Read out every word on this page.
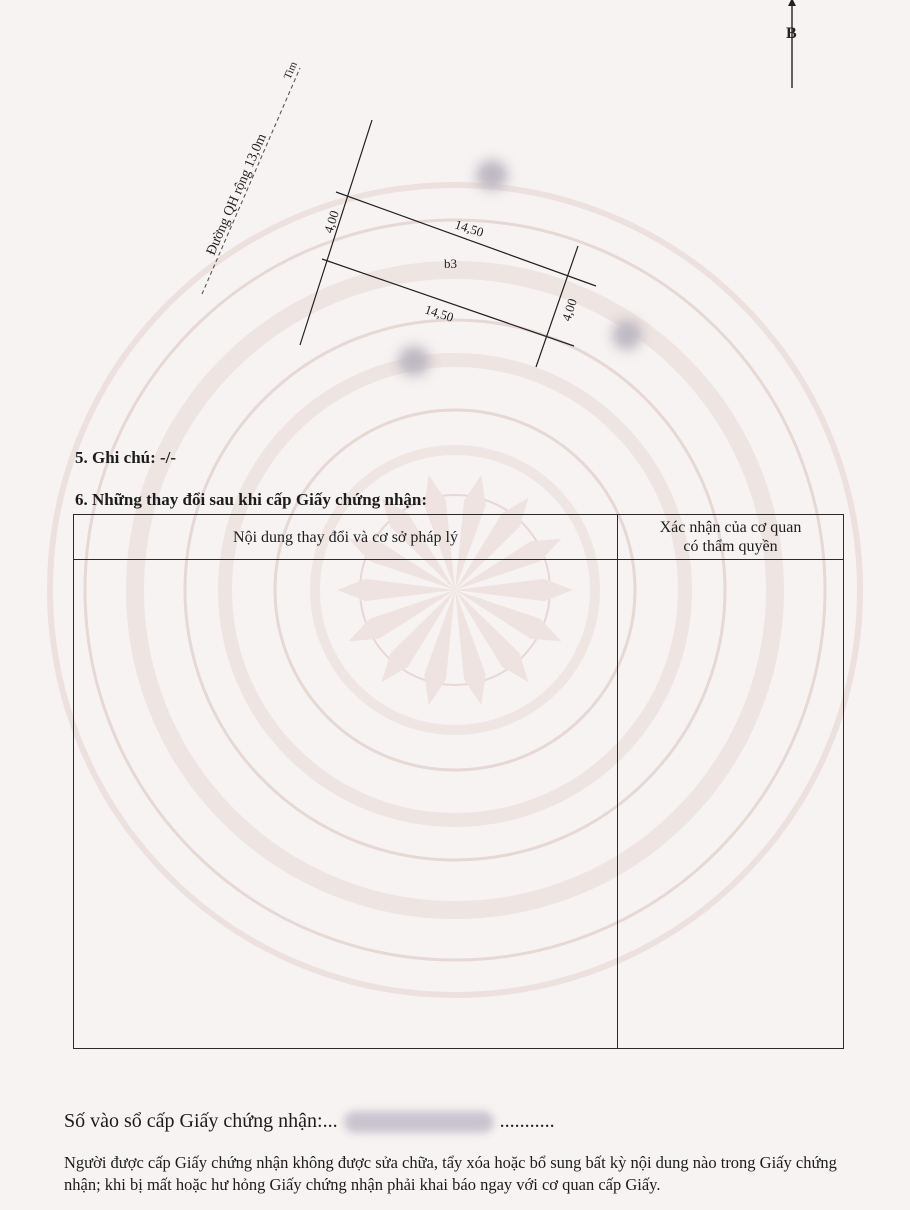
B
Đường QH rộng 13,0m
Tim
14,50
b3
14,50
4,00
4,00
5. Ghi chú: -/-
6. Những thay đổi sau khi cấp Giấy chứng nhận:
Nội dung thay đổi và cơ sở pháp lý	Xác nhận của cơ quan
có thẩm quyền

Số vào sổ cấp Giấy chứng nhận:...	...........
Người được cấp Giấy chứng nhận không được sửa chữa, tẩy xóa hoặc bổ sung bất kỳ nội dung nào trong Giấy chứng nhận; khi bị mất hoặc hư hỏng Giấy chứng nhận phải khai báo ngay với cơ quan cấp Giấy.
